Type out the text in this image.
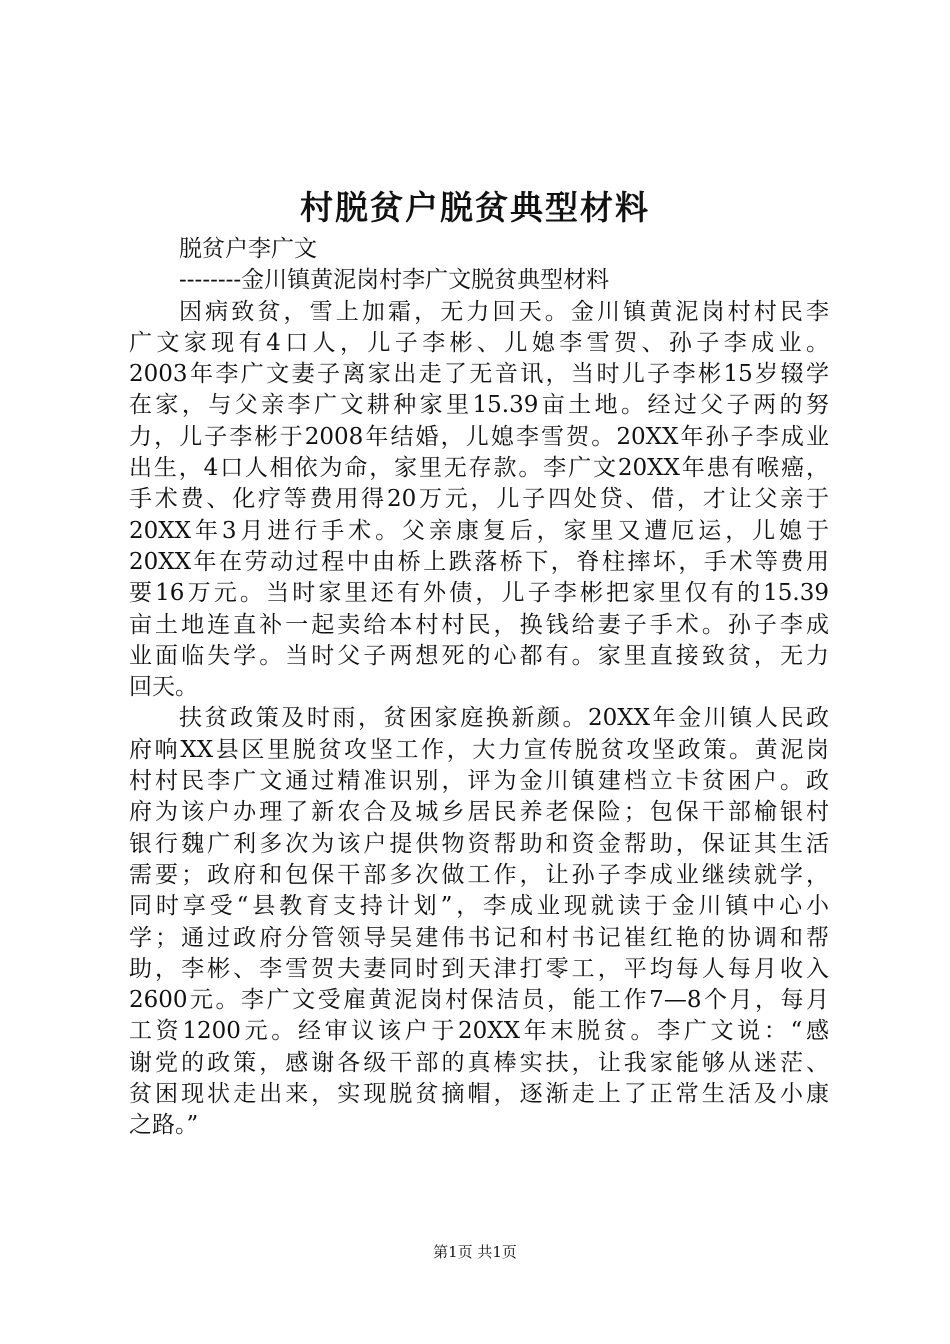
村脱贫户脱贫典型材料

脱贫户李广文

--------金川镇黄泥岗村李广文脱贫典型材料

因病致贫，雪上加霜，无力回天。金川镇黄泥岗村村民李

广文家现有4口人，儿子李彬、儿媳李雪贺、孙子李成业。

2003年李广文妻子离家出走了无音讯，当时儿子李彬15岁辍学

在家，与父亲李广文耕种家里15.39亩土地。经过父子两的努

力，儿子李彬于2008年结婚，儿媳李雪贺。20XX年孙子李成业

出生，4口人相依为命，家里无存款。李广文20XX年患有喉癌，

手术费、化疗等费用得20万元，儿子四处贷、借，才让父亲于

20XX年3月进行手术。父亲康复后，家里又遭厄运，儿媳于

20XX年在劳动过程中由桥上跌落桥下，脊柱摔坏，手术等费用

要16万元。当时家里还有外债，儿子李彬把家里仅有的15.39

亩土地连直补一起卖给本村村民，换钱给妻子手术。孙子李成

业面临失学。当时父子两想死的心都有。家里直接致贫，无力

回天。

扶贫政策及时雨，贫困家庭换新颜。20XX年金川镇人民政

府响XX县区里脱贫攻坚工作，大力宣传脱贫攻坚政策。黄泥岗

村村民李广文通过精准识别，评为金川镇建档立卡贫困户。政

府为该户办理了新农合及城乡居民养老保险；包保干部榆银村

银行魏广利多次为该户提供物资帮助和资金帮助，保证其生活

需要；政府和包保干部多次做工作，让孙子李成业继续就学，

同时享受“县教育支持计划”，李成业现就读于金川镇中心小

学；通过政府分管领导吴建伟书记和村书记崔红艳的协调和帮

助，李彬、李雪贺夫妻同时到天津打零工，平均每人每月收入

2600元。李广文受雇黄泥岗村保洁员，能工作7—8个月，每月

工资1200元。经审议该户于20XX年末脱贫。李广文说：“感

谢党的政策，感谢各级干部的真棒实扶，让我家能够从迷茫、

贫困现状走出来，实现脱贫摘帽，逐渐走上了正常生活及小康

之路。”

第1页 共1页
